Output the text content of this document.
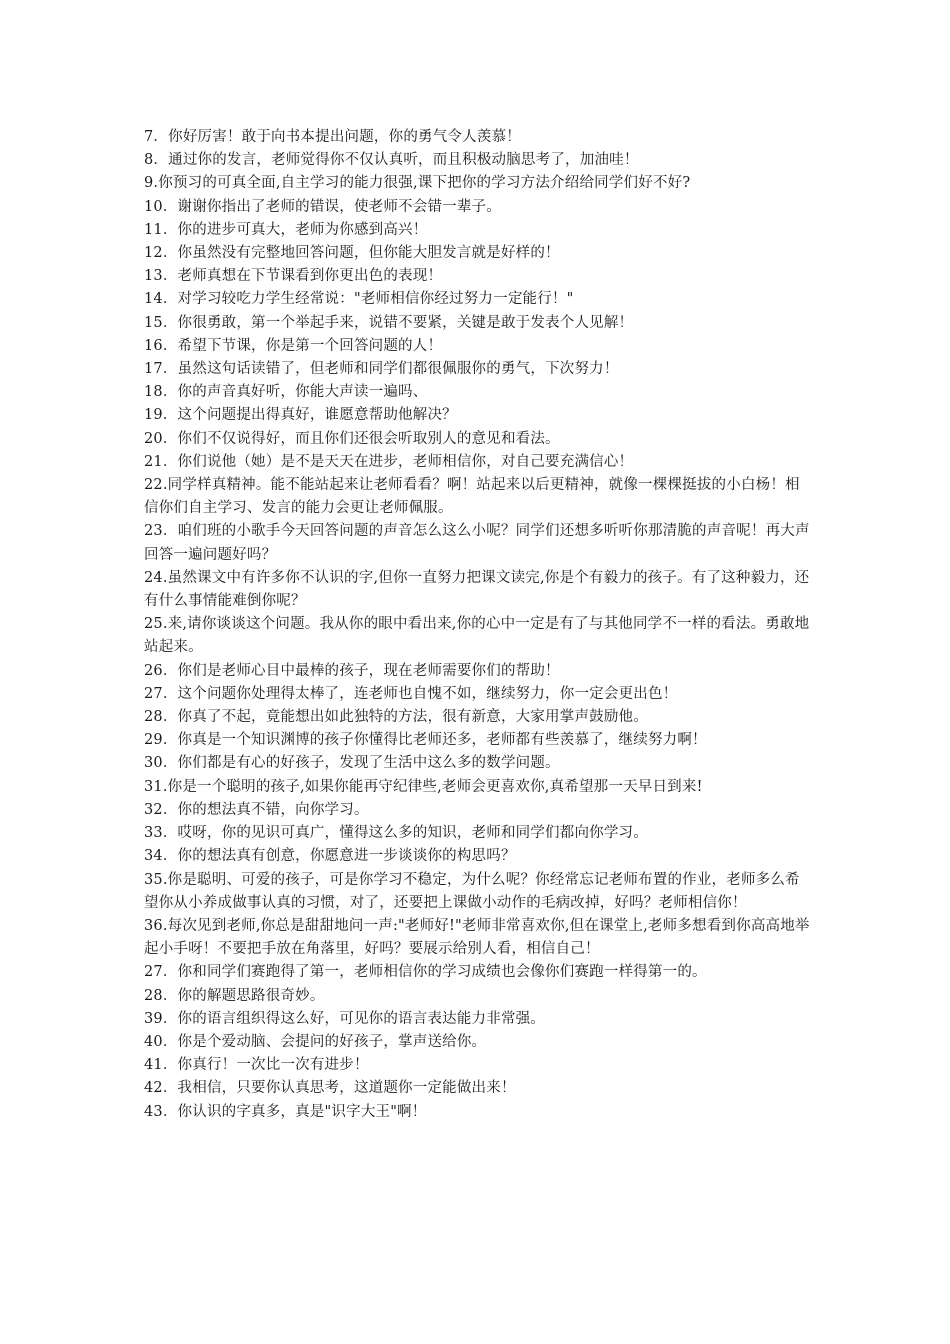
7．你好厉害！敢于向书本提出问题，你的勇气令人羡慕！

8．通过你的发言，老师觉得你不仅认真听，而且积极动脑思考了，加油哇！

9.你预习的可真全面,自主学习的能力很强,课下把你的学习方法介绍给同学们好不好?

10．谢谢你指出了老师的错误，使老师不会错一辈子。

11．你的进步可真大，老师为你感到高兴！

12．你虽然没有完整地回答问题，但你能大胆发言就是好样的！

13．老师真想在下节课看到你更出色的表现！

14．对学习较吃力学生经常说："老师相信你经过努力一定能行！"

15．你很勇敢，第一个举起手来，说错不要紧，关键是敢于发表个人见解！

16．希望下节课，你是第一个回答问题的人！

17．虽然这句话读错了，但老师和同学们都很佩服你的勇气，下次努力！

18．你的声音真好听，你能大声读一遍吗、

19．这个问题提出得真好，谁愿意帮助他解决？

20．你们不仅说得好，而且你们还很会听取别人的意见和看法。

21．你们说他（她）是不是天天在进步，老师相信你，对自己要充满信心！

22.同学样真精神。能不能站起来让老师看看？啊！站起来以后更精神，就像一棵棵挺拔的小白杨！相信你们自主学习、发言的能力会更让老师佩服。

23．咱们班的小歌手今天回答问题的声音怎么这么小呢？同学们还想多听听你那清脆的声音呢！再大声回答一遍问题好吗？

24.虽然课文中有许多你不认识的字,但你一直努力把课文读完,你是个有毅力的孩子。有了这种毅力，还有什么事情能难倒你呢？

25.来,请你谈谈这个问题。我从你的眼中看出来,你的心中一定是有了与其他同学不一样的看法。勇敢地站起来。

26．你们是老师心目中最棒的孩子，现在老师需要你们的帮助！

27．这个问题你处理得太棒了，连老师也自愧不如，继续努力，你一定会更出色！

28．你真了不起，竟能想出如此独特的方法，很有新意，大家用掌声鼓励他。

29．你真是一个知识渊博的孩子你懂得比老师还多，老师都有些羡慕了，继续努力啊！

30．你们都是有心的好孩子，发现了生活中这么多的数学问题。

31.你是一个聪明的孩子,如果你能再守纪律些,老师会更喜欢你,真希望那一天早日到来!

32．你的想法真不错，向你学习。

33．哎呀，你的见识可真广，懂得这么多的知识，老师和同学们都向你学习。

34．你的想法真有创意，你愿意进一步谈谈你的构思吗？

35.你是聪明、可爱的孩子，可是你学习不稳定，为什么呢？你经常忘记老师布置的作业，老师多么希望你从小养成做事认真的习惯，对了，还要把上课做小动作的毛病改掉，好吗？老师相信你！

36.每次见到老师,你总是甜甜地问一声:"老师好!"老师非常喜欢你,但在课堂上,老师多想看到你高高地举起小手呀！不要把手放在角落里，好吗？要展示给别人看，相信自己！

27．你和同学们赛跑得了第一，老师相信你的学习成绩也会像你们赛跑一样得第一的。

28．你的解题思路很奇妙。

39．你的语言组织得这么好，可见你的语言表达能力非常强。

40．你是个爱动脑、会提问的好孩子，掌声送给你。

41．你真行！一次比一次有进步！

42．我相信，只要你认真思考，这道题你一定能做出来！

43．你认识的字真多，真是"识字大王"啊！
